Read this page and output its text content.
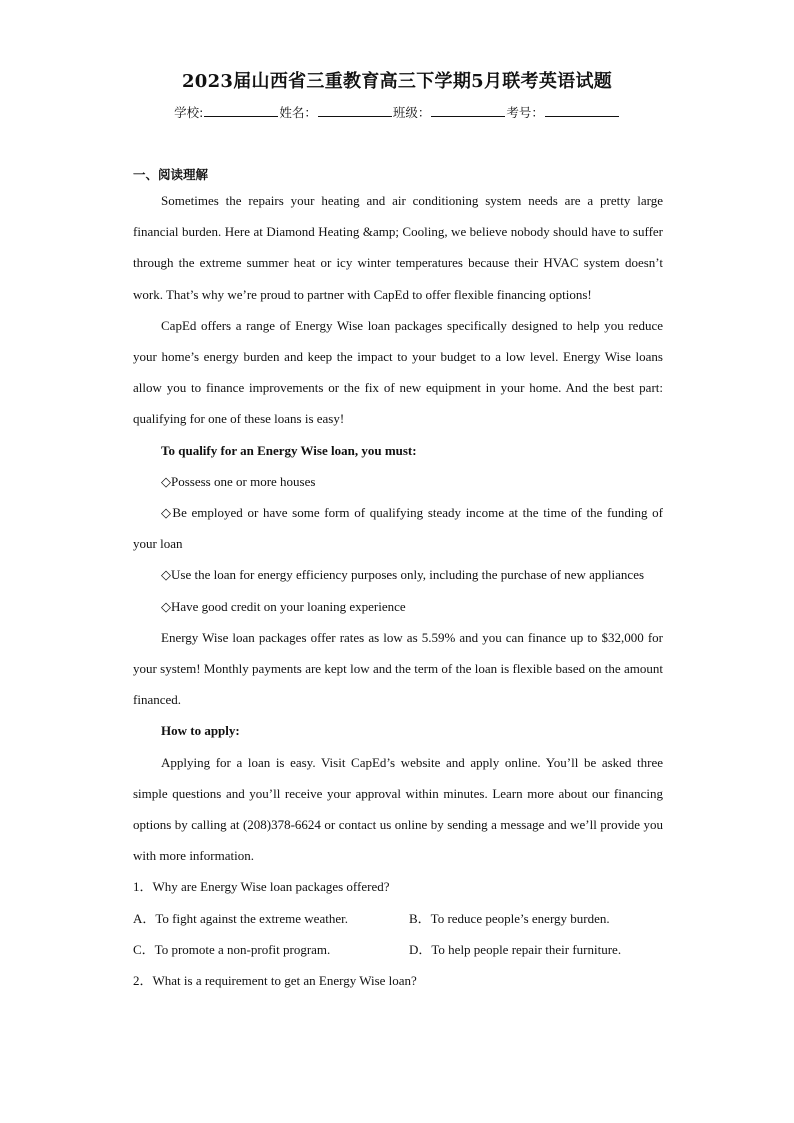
2023届山西省三重教育高三下学期5月联考英语试题
学校:	姓名：	班级：	考号：
一、阅读理解

Sometimes the repairs your heating and air conditioning system needs are a pretty large financial burden. Here at Diamond Heating &amp; Cooling, we believe nobody should have to suffer through the extreme summer heat or icy winter temperatures because their HVAC system doesn’t work. That’s why we’re proud to partner with CapEd to offer flexible financing options!

CapEd offers a range of Energy Wise loan packages specifically designed to help you reduce your home’s energy burden and keep the impact to your budget to a low level. Energy Wise loans allow you to finance improvements or the fix of new equipment in your home. And the best part: qualifying for one of these loans is easy!

To qualify for an Energy Wise loan, you must:

◇Possess one or more houses

◇Be employed or have some form of qualifying steady income at the time of the funding of your loan

◇Use the loan for energy efficiency purposes only, including the purchase of new appliances

◇Have good credit on your loaning experience

Energy Wise loan packages offer rates as low as 5.59% and you can finance up to $32,000 for your system! Monthly payments are kept low and the term of the loan is flexible based on the amount financed.

How to apply:

Applying for a loan is easy. Visit CapEd’s website and apply online. You’ll be asked three simple questions and you’ll receive your approval within minutes. Learn more about our financing options by calling at (208)378-6624 or contact us online by sending a message and we’ll provide you with more information.

1．Why are Energy Wise loan packages offered?

A．To fight against the extreme weather.	B．To reduce people’s energy burden.
C．To promote a non-profit program.	D．To help people repair their furniture.

2．What is a requirement to get an Energy Wise loan?
